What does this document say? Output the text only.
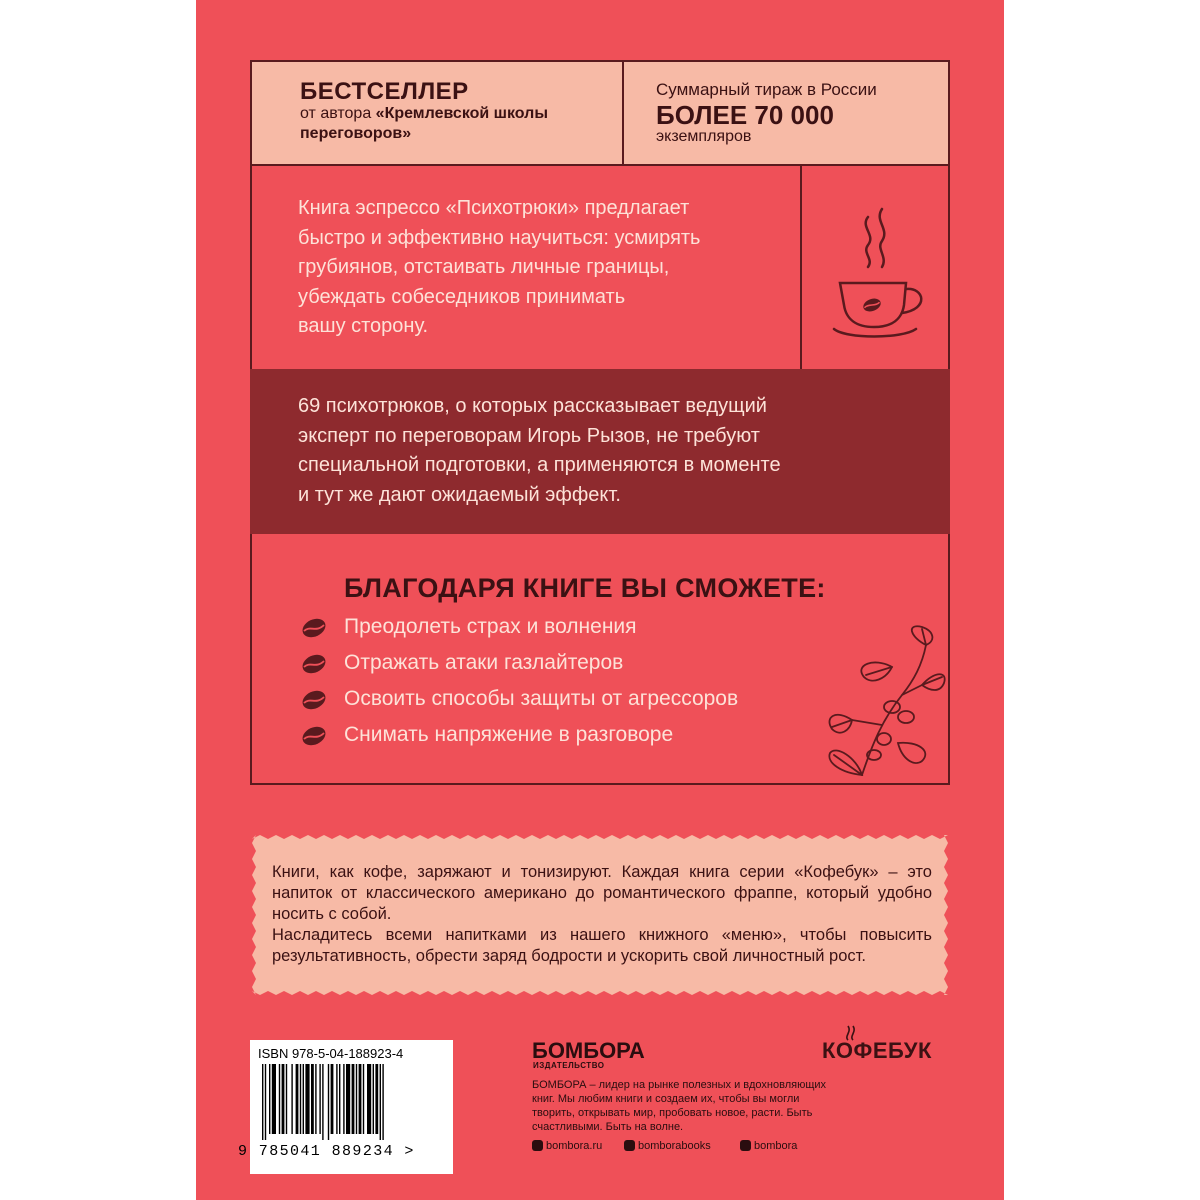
БЕСТСЕЛЛЕР
от автора «Кремлевской школы
переговоров»
Суммарный тираж в России
БОЛЕЕ 70 000
экземпляров
Книга эспрессо «Психотрюки» предлагает
быстро и эффективно научиться: усмирять
грубиянов, отстаивать личные границы,
убеждать собеседников принимать
вашу сторону.
69 психотрюков, о которых рассказывает ведущий
эксперт по переговорам Игорь Рызов, не требуют
специальной подготовки, а применяются в моменте
и тут же дают ожидаемый эффект.
БЛАГОДАРЯ КНИГЕ ВЫ СМОЖЕТЕ:
Преодолеть страх и волнения
Отражать атаки газлайтеров
Освоить способы защиты от агрессоров
Снимать напряжение в разговоре
Книги, как кофе, заряжают и тонизируют. Каждая книга серии «Кофебук» – это напиток от классического американо до романтического фраппе, который удобно носить с собой.
Насладитесь всеми напитками из нашего книжного «меню», чтобы повысить результативность, обрести заряд бодрости и ускорить свой личностный рост.
ISBN 978-5-04-188923-4
9 785041 889234 >
БОМБОРА
ИЗДАТЕЛЬСТВО
БОМБОРА – лидер на рынке полезных и вдохновляющих книг. Мы любим книги и создаем их, чтобы вы могли творить, открывать мир, пробовать новое, расти. Быть счастливыми. Быть на волне.
bombora.ru	bomborabooks	bombora
КОФЕБУК
